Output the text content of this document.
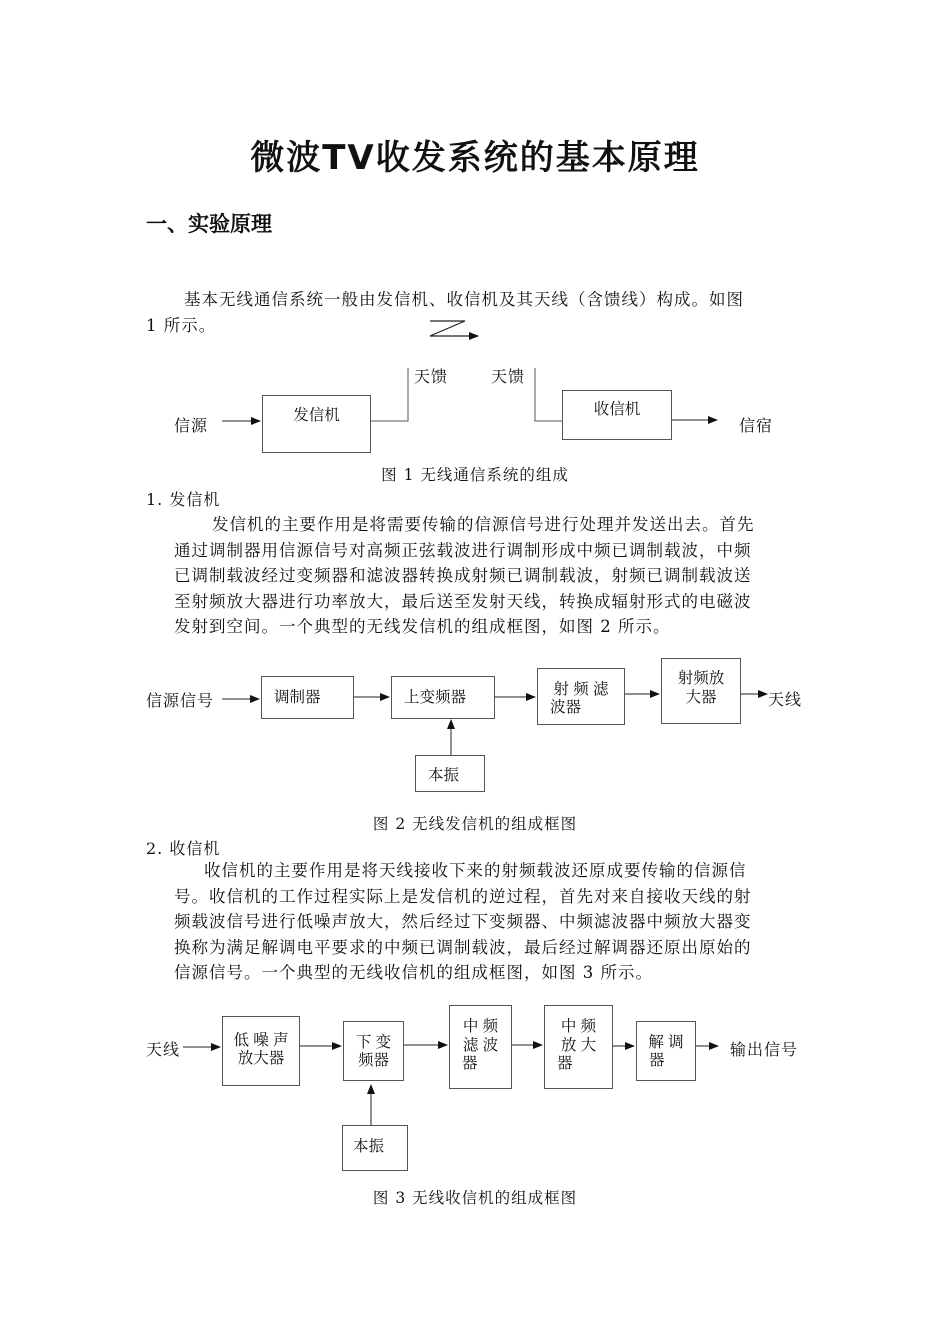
微波TV收发系统的基本原理
一、实验原理
基本无线通信系统一般由发信机、收信机及其天线（含馈线）构成。如图
1 所示。
信源
发信机
天馈	天馈
收信机
信宿
图 1 无线通信系统的组成
1. 发信机
发信机的主要作用是将需要传输的信源信号进行处理并发送出去。首先
通过调制器用信源信号对高频正弦载波进行调制形成中频已调制载波，中频
已调制载波经过变频器和滤波器转换成射频已调制载波，射频已调制载波送
至射频放大器进行功率放大，最后送至发射天线，转换成辐射形式的电磁波
发射到空间。一个典型的无线发信机的组成框图，如图 2 所示。
信源信号	调制器	上变频器	射 频 滤
波器
射频放
大器	天线
本振
图 2 无线发信机的组成框图
2. 收信机
收信机的主要作用是将天线接收下来的射频载波还原成要传输的信源信
号。收信机的工作过程实际上是发信机的逆过程，首先对来自接收天线的射
频载波信号进行低噪声放大，然后经过下变频器、中频滤波器中频放大器变
换称为满足解调电平要求的中频已调制载波，最后经过解调器还原出原始的
信源信号。一个典型的无线收信机的组成框图，如图 3 所示。
天线	低 噪 声
放大器
下 变
频器
中 频
滤 波
器
中 频
放 大
器
解 调
器
输出信号
本振
图 3 无线收信机的组成框图
